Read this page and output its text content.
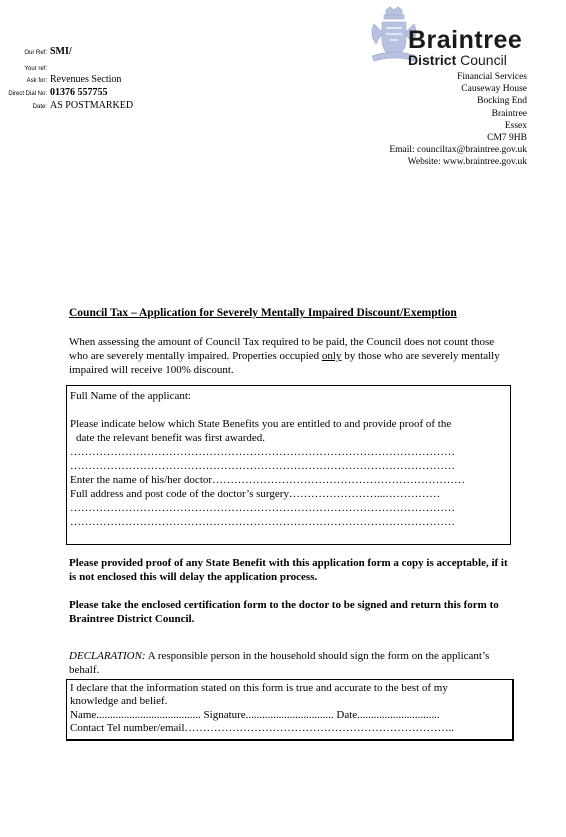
Our Ref: SMI/
Your ref:
Ask for: Revenues Section
Direct Dial No: 01376 557755
Date: AS POSTMARKED
Braintree
District Council
Financial Services
Causeway House
Bocking End
Braintree
Essex
CM7 9HB
Email: counciltax@braintree.gov.uk
Website: www.braintree.gov.uk
Council Tax – Application for Severely Mentally Impaired Discount/Exemption
When assessing the amount of Council Tax required to be paid, the Council does not count those who are severely mentally impaired. Properties occupied only by those who are severely mentally impaired will receive 100% discount.
Full Name of the applicant:
Please indicate below which State Benefits you are entitled to and provide proof of the
date the relevant benefit was first awarded.
……………………………………………………………………………………………
……………………………………………………………………………………………
Enter the name of his/her doctor……………………………………………………………
Full address and post code of the doctor’s surgery……………………...……………
……………………………………………………………………………………………
……………………………………………………………………………………………
Please provided proof of any State Benefit with this application form a copy is acceptable, if it is not enclosed this will delay the application process.
Please take the enclosed certification form to the doctor to be signed and return this form to Braintree District Council.
DECLARATION: A responsible person in the household should sign the form on the applicant’s behalf.
I declare that the information stated on this form is true and accurate to the best of my
knowledge and belief.
Name...................................... Signature................................ Date..............................
Contact Tel number/email………………………………………………………………..
